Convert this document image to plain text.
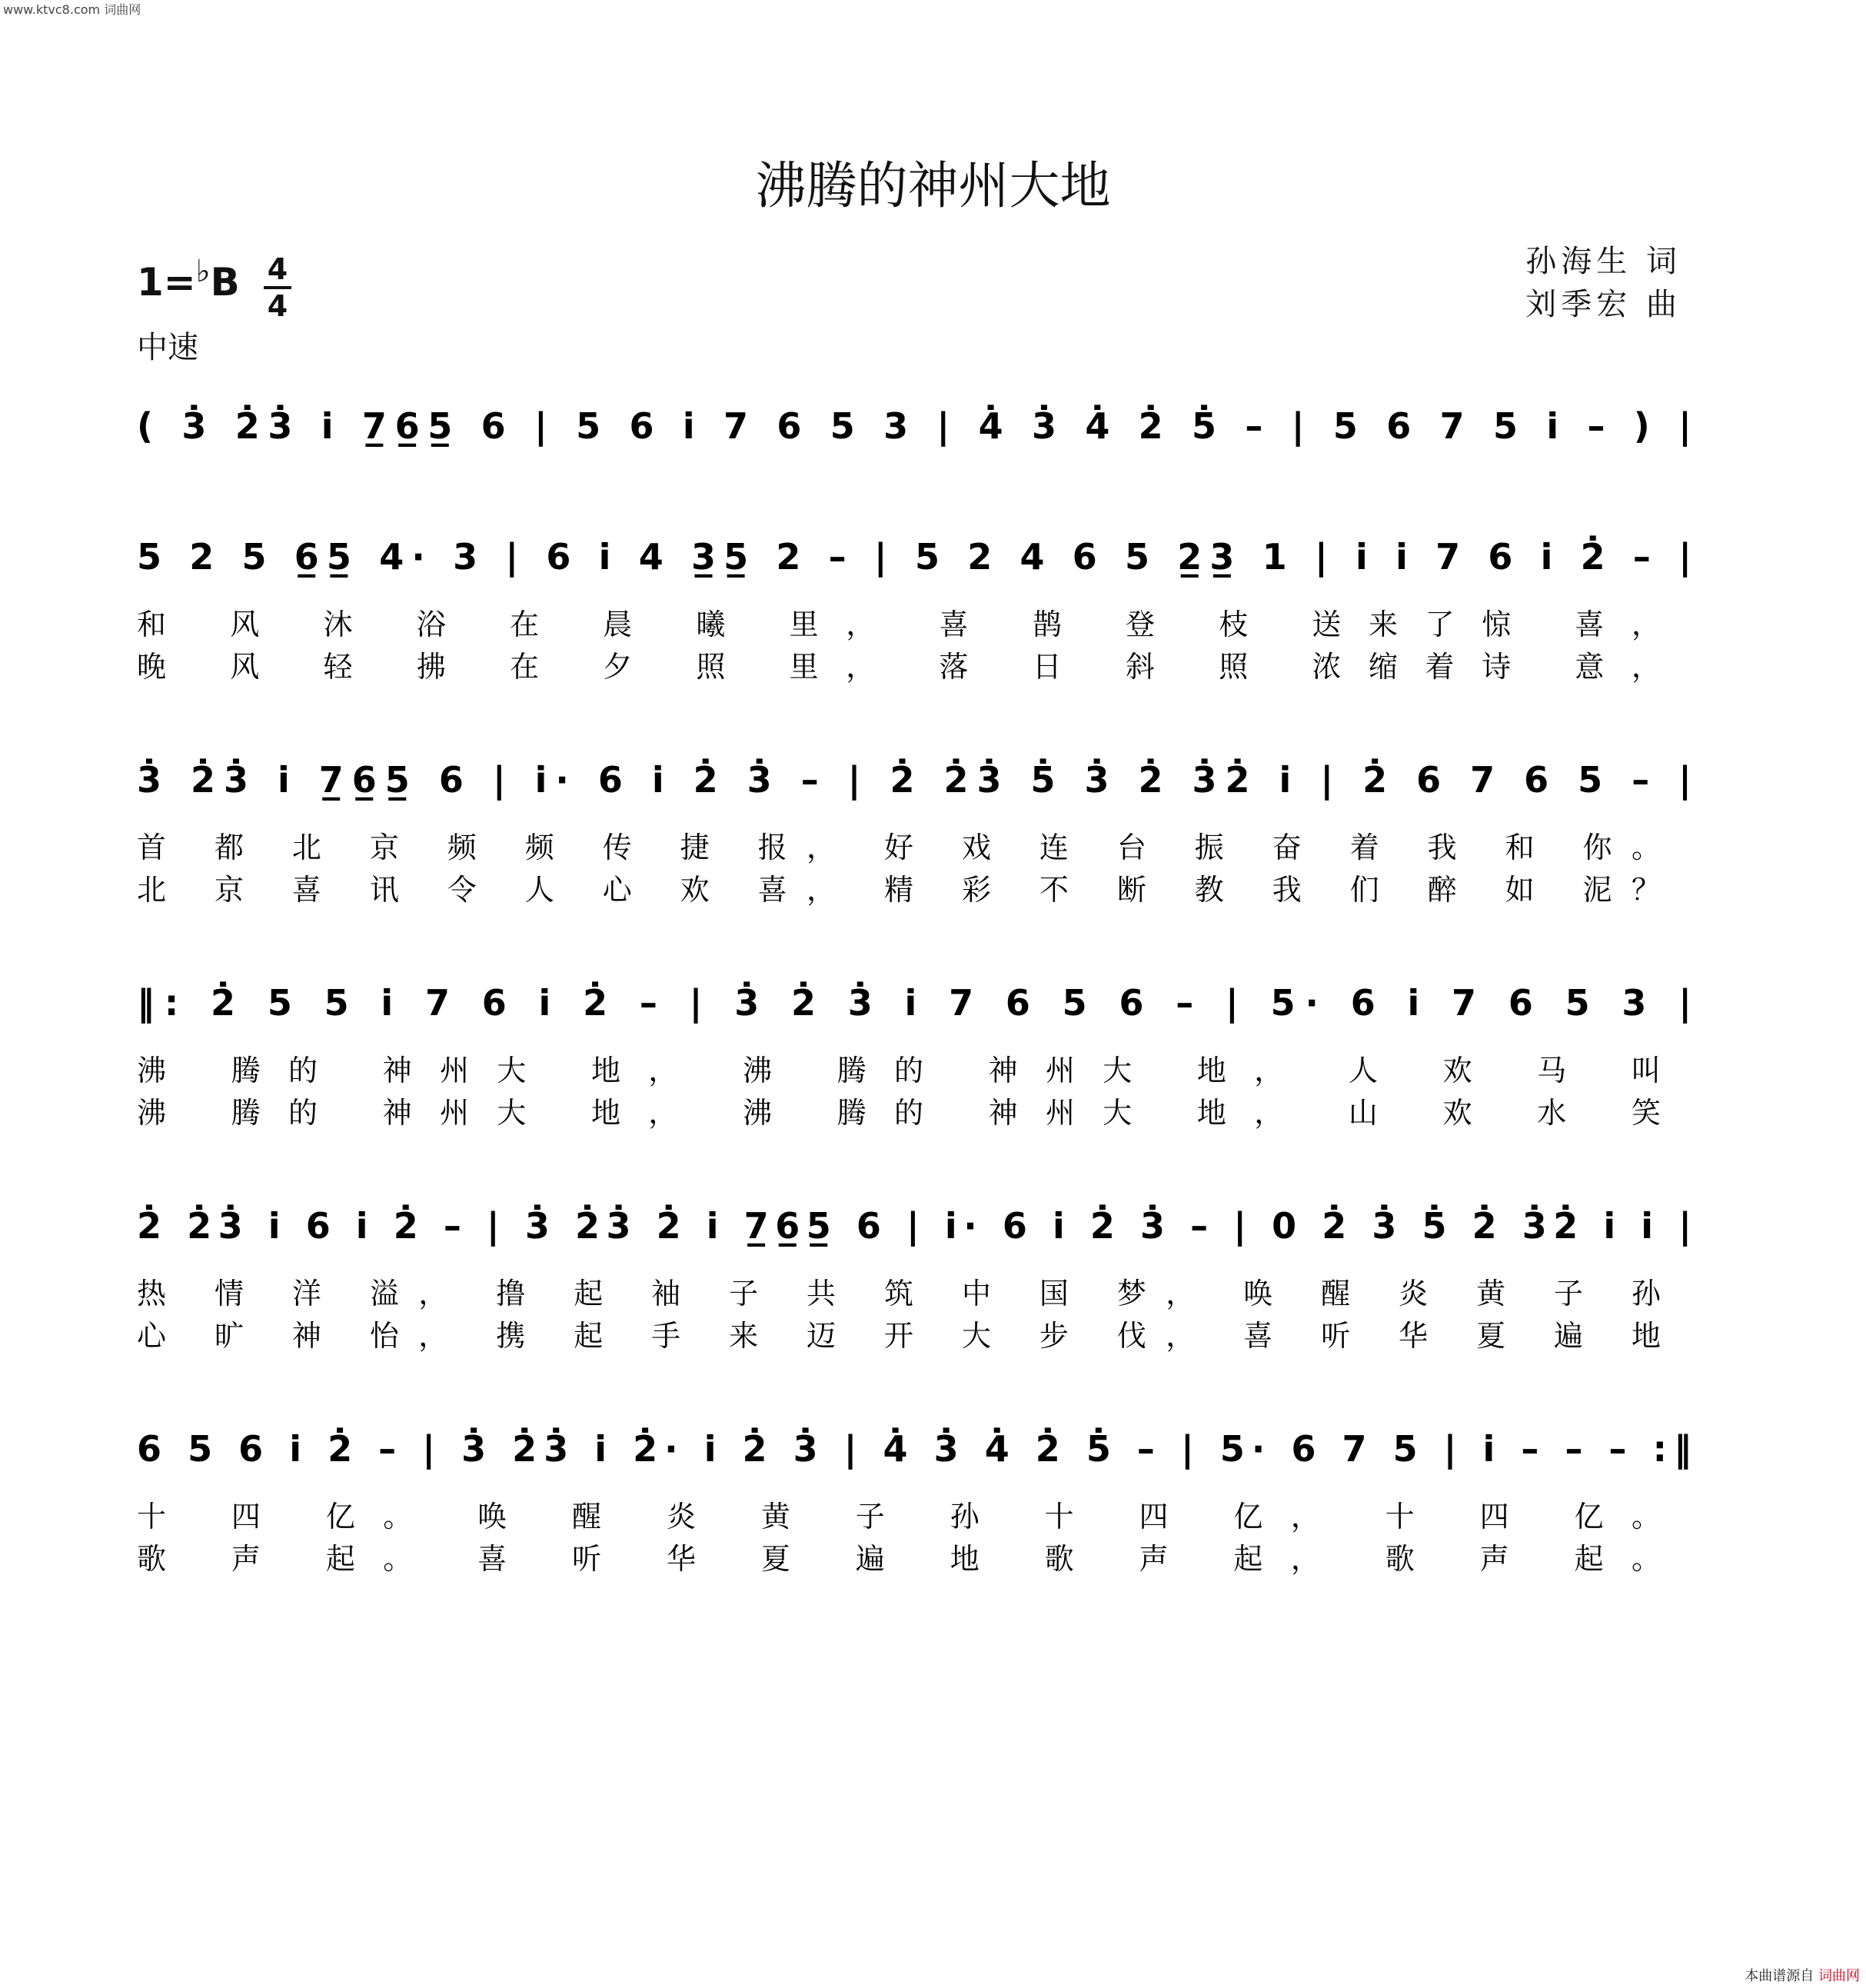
www.ktvc8.com 词曲网
沸腾的神州大地
1=♭B 4
4
中速
孙海生 词
刘季宏 曲
( 3̇ 2̇3̇ i̇ 7̲6̲5̲ 6 | 5 6 i̇ 7 6 5 3 | 4̇ 3̇ 4̇ 2̇ 5̇ – | 5 6 7 5 i̇ – ) |
5 2 5 6̲5̲ 4· 3 | 6 i̇ 4 3̲5̲ 2 – | 5 2 4 6 5 2̲3̲ 1 | i̇ i̇ 7 6 i̇ 2̇ – |
和 风 沐 浴 在 晨 曦 里， 喜 鹊 登 枝 送来了惊 喜，
晚 风 轻 拂 在 夕 照 里， 落 日 斜 照 浓缩着诗 意，
3̇ 2̇3̇ i̇ 7̲6̲5̲ 6 | i̇· 6 i̇ 2̇ 3̇ – | 2̇ 2̇3̇ 5̇ 3̇ 2̇ 3̇2̇ i̇ | 2̇ 6 7 6 5 – |
首 都 北 京 频 频 传 捷 报， 好 戏 连 台 振 奋 着 我 和 你。
北 京 喜 讯 令 人 心 欢 喜， 精 彩 不 断 教 我 们 醉 如 泥？
‖: 2̇ 5 5 i̇ 7 6 i̇ 2̇ – | 3̇ 2̇ 3̇ i̇ 7 6 5 6 – | 5· 6 i̇ 7 6 5 3 |
沸 腾的 神州大 地， 沸 腾的 神州大 地， 人 欢 马 叫
沸 腾的 神州大 地， 沸 腾的 神州大 地， 山 欢 水 笑
2̇ 2̇3̇ i̇ 6 i̇ 2̇ – | 3̇ 2̇3̇ 2̇ i̇ 7̲6̲5̲ 6 | i̇· 6 i̇ 2̇ 3̇ – | 0 2̇ 3̇ 5̇ 2̇ 3̇2̇ i̇ i̇ |
热 情 洋 溢， 撸 起 袖 子 共 筑 中 国 梦， 唤 醒 炎 黄 子 孙
心 旷 神 怡， 携 起 手 来 迈 开 大 步 伐， 喜 听 华 夏 遍 地
6 5 6 i̇ 2̇ – | 3̇ 2̇3̇ i̇ 2̇· i̇ 2̇ 3̇ | 4̇ 3̇ 4̇ 2̇ 5̇ – | 5· 6 7 5 | i̇ – – – :‖
十 四 亿。 唤 醒 炎 黄 子 孙 十 四 亿， 十 四 亿。
歌 声 起。 喜 听 华 夏 遍 地 歌 声 起， 歌 声 起。
本曲谱源自 词曲网
